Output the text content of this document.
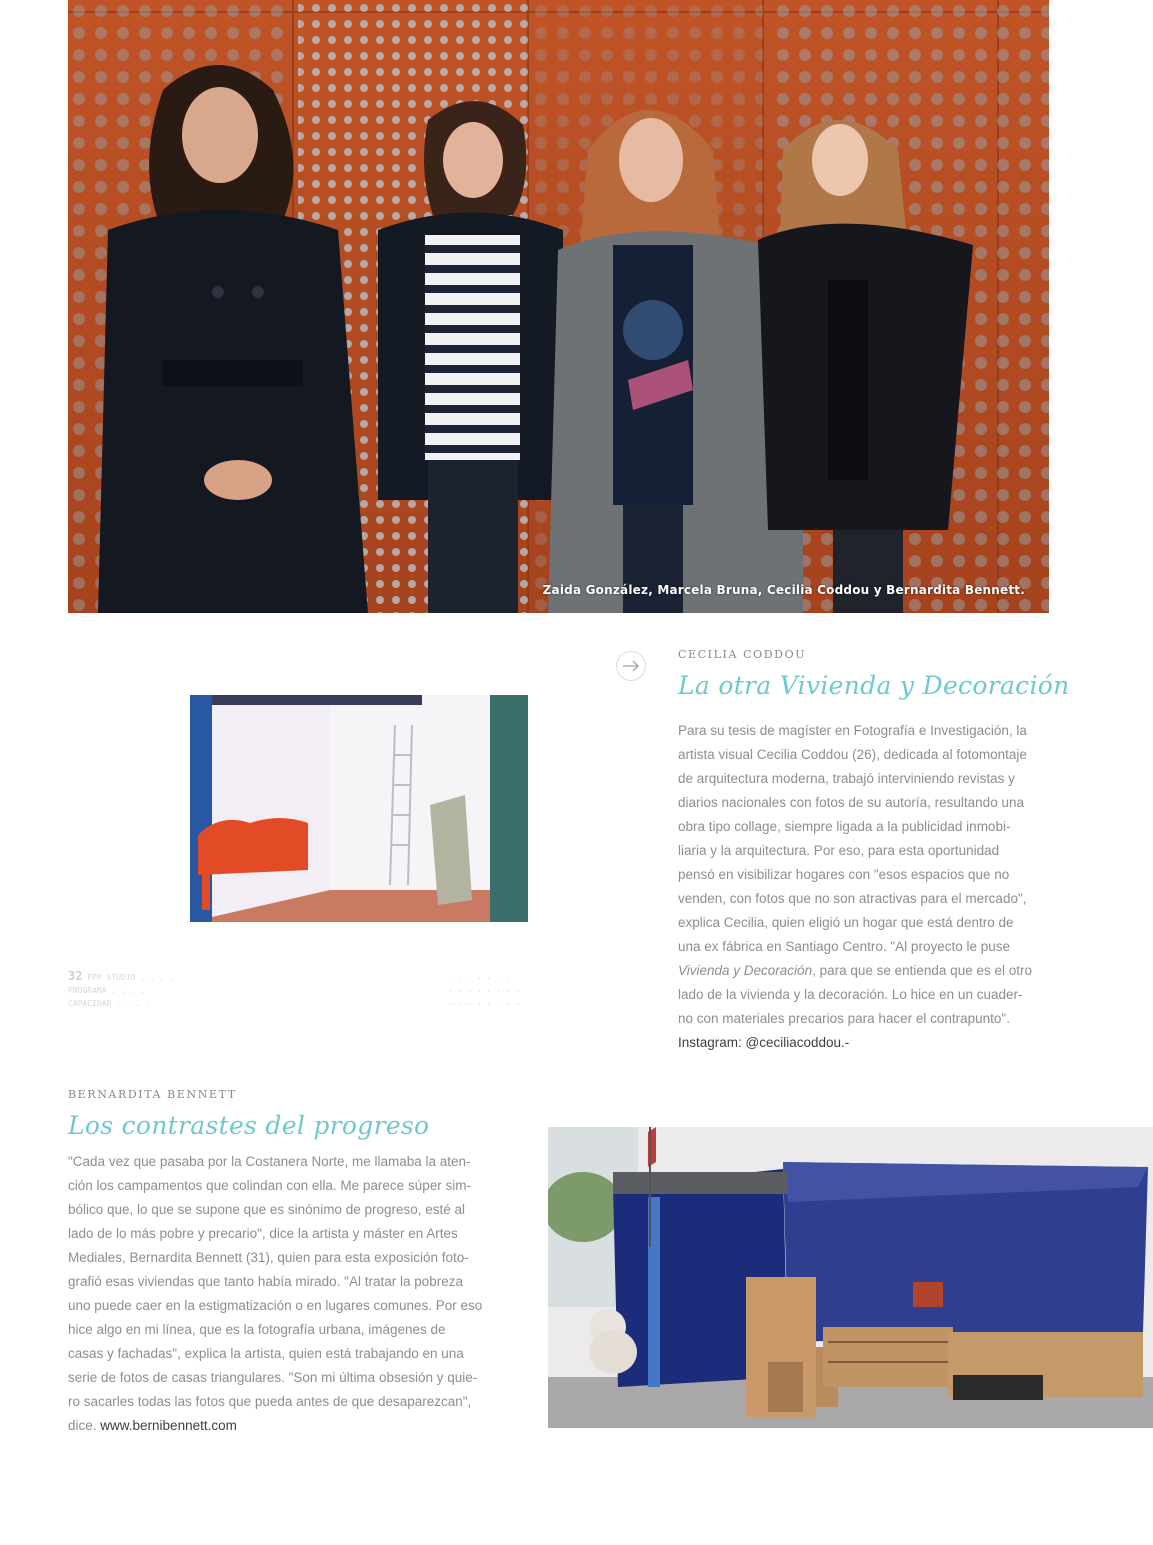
Zaida González, Marcela Bruna, Cecilia Coddou y Bernardita Bennett.
32 PPP STUDIO . . . .
PROGRAMA . . . .
CAPACIDAD . . . .
. . . . . . .
. . . . . . . .
. . . . . . . .
CECILIA CODDOU
La otra Vivienda y Decoración
Para su tesis de magíster en Fotografía e Investigación, la
artista visual Cecilia Coddou (26), dedicada al fotomontaje
de arquitectura moderna, trabajó interviniendo revistas y
diarios nacionales con fotos de su autoría, resultando una
obra tipo collage, siempre ligada a la publicidad inmobi-
liaria y la arquitectura. Por eso, para esta oportunidad
pensó en visibilizar hogares con "esos espacios que no
venden, con fotos que no son atractivas para el mercado",
explica Cecilia, quien eligió un hogar que está dentro de
una ex fábrica en Santiago Centro. "Al proyecto le puse
Vivienda y Decoración, para que se entienda que es el otro
lado de la vivienda y la decoración. Lo hice en un cuader-
no con materiales precarios para hacer el contrapunto".
Instagram: @ceciliacoddou.-
BERNARDITA BENNETT
Los contrastes del progreso
"Cada vez que pasaba por la Costanera Norte, me llamaba la aten-
ción los campamentos que colindan con ella. Me parece súper sim-
bólico que, lo que se supone que es sinónimo de progreso, esté al
lado de lo más pobre y precario", dice la artista y máster en Artes
Mediales, Bernardita Bennett (31), quien para esta exposición foto-
grafió esas viviendas que tanto había mirado. "Al tratar la pobreza
uno puede caer en la estigmatización o en lugares comunes. Por eso
hice algo en mi línea, que es la fotografía urbana, imágenes de
casas y fachadas", explica la artista, quien está trabajando en una
serie de fotos de casas triangulares. "Son mi última obsesión y quie-
ro sacarles todas las fotos que pueda antes de que desaparezcan",
dice. www.bernibennett.com
